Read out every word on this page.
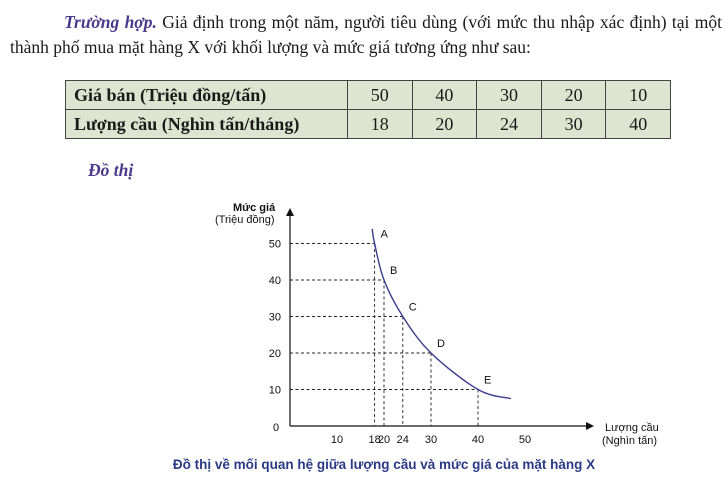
Trường hợp. Giả định trong một năm, người tiêu dùng (với mức thu nhập xác định) tại một thành phố mua mặt hàng X với khối lượng và mức giá tương ứng như sau:

Giá bán (Triệu đồng/tấn)	50	40	30	20	10
Lượng cầu (Nghìn tấn/tháng)	18	20	24	30	40

Đồ thị

10
20
30
40
50
10 18
20 24 30	40	50
A
B
C
D
E
Mức giá
(Triệu đồng)
Lượng cầu
(Nghìn tấn)
0

Đồ thị về mối quan hệ giữa lượng cầu và mức giá của mặt hàng X
